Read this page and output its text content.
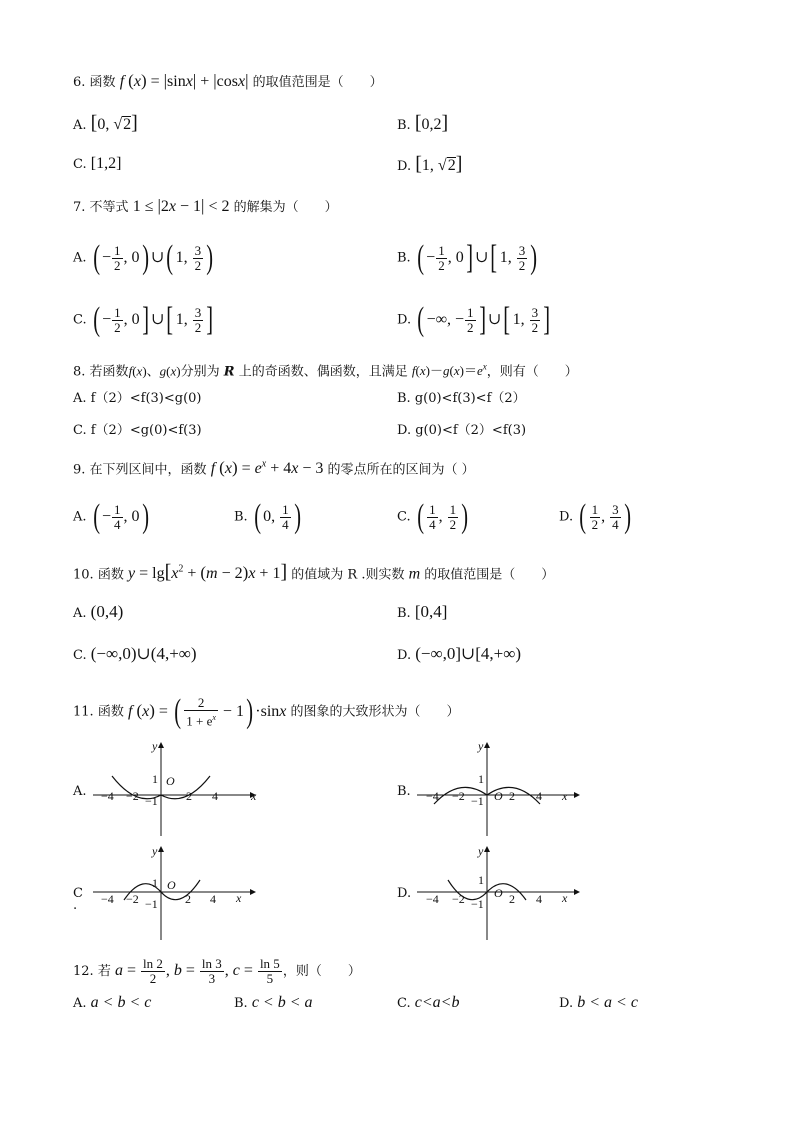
6. 函数 f (x) = |sinx| + |cosx| 的取值范围是（　　）
A. [0, √2]	B. [0,2]
C. [1,2]	D. [1, √2]
7. 不等式 1 ≤ |2x − 1| < 2 的解集为（　　）
A. ( − $\frac{1}{2}$ , 0) ∪( 1, $\frac{3}{2}$ )	B. ( − $\frac{1}{2}$ , 0] ∪[ 1, $\frac{3}{2}$ )
C. ( − $\frac{1}{2}$ , 0] ∪[ 1, $\frac{3}{2}$ ]	D. ( −∞, − $\frac{1}{2}$ ] ∪[ 1, $\frac{3}{2}$ ]
8. 若函数f(x)、g(x)分别为 R 上的奇函数、偶函数，且满足 $f(x)-g(x)=e^x$，则有（　　）
A. f（2）<f(3)<g(0)	B. g(0)<f(3)<f（2）
C. f（2）<g(0)<f(3)	D. g(0)<f（2）<f(3)
9. 在下列区间中，函数 f $(x) = e^x + 4x - 3$ 的零点所在的区间为（ ）
A. ( − $\frac{1}{4}$ , 0)	B. ( 0, $\frac{1}{4}$ )	C. ( $\frac{1}{4}$ , $\frac{1}{2}$ )	D. ( $\frac{1}{2}$ , $\frac{3}{4}$ )
10. 函数 $y = \lg[x^2 + (m - 2)x + 1]$ 的值域为 R .则实数 m 的取值范围是（　　）
A. (0,4)	B. [0,4]
C. (−∞,0)∪(4,+∞)	D. (−∞,0]∪[4,+∞)
11. 函数 f (x) = ( $\frac{2}{1 + e^x} - 1) \cdot\sin x$ 的图象的大致形状为（　　）
A.
y
x
1 O
−1
−4 −2	2 4	B.
y
x
1
O
−1
−4 −2	2 4
C
.
y
x
1 O
−1
−4 −2	2 4	D.
y
x
1
O
−1
−4 −2	2 4
12. 若 $a = \frac{\ln 2}{2}$ , $b = \frac{\ln 3}{3}$ , $c = \frac{\ln 5}{5}$ ，则（　　）
A. a < b < c	B. c < b < a	C. c<a<b	D. b < a < c
